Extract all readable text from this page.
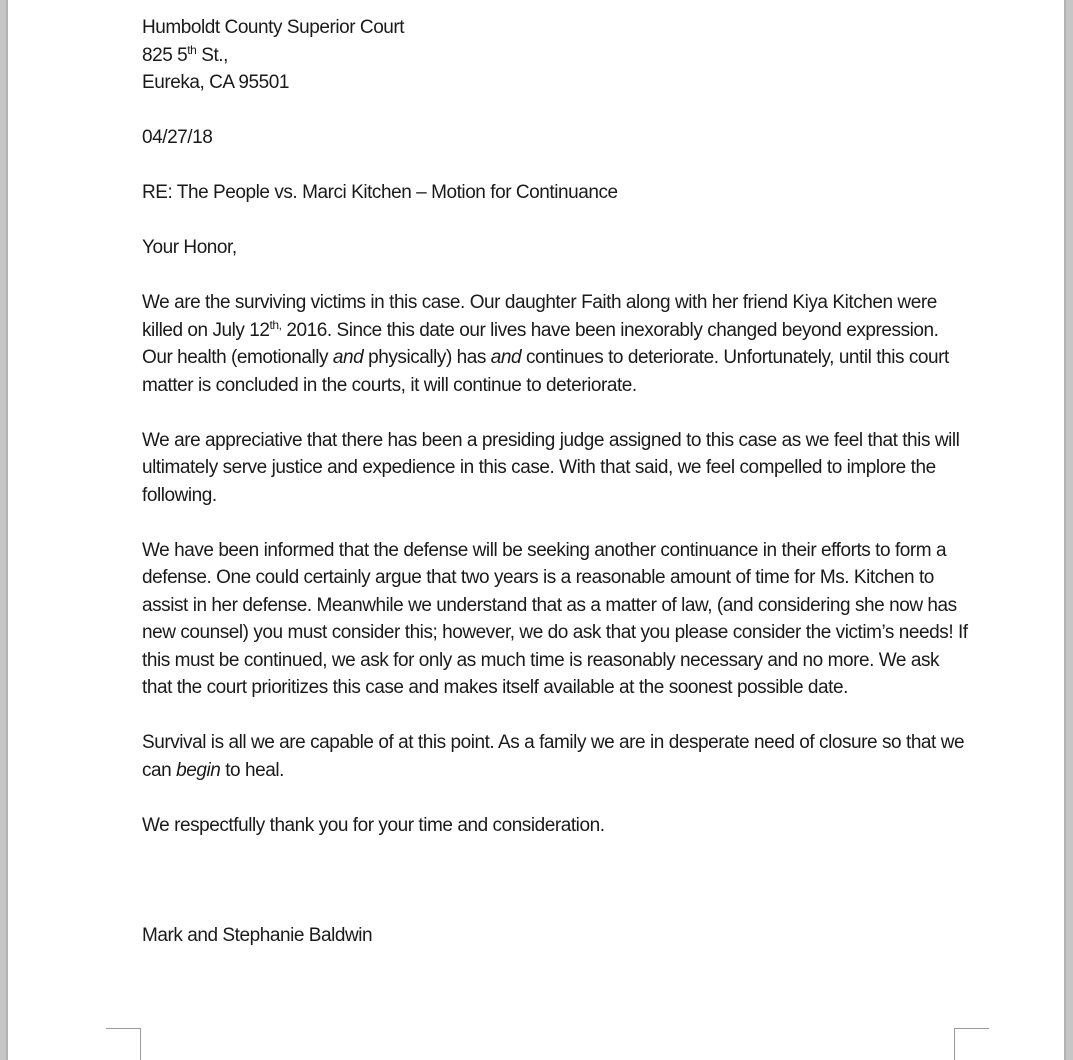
Humboldt County Superior Court
825 5th St.,
Eureka, CA 95501

04/27/18

RE: The People vs. Marci Kitchen – Motion for Continuance

Your Honor,

We are the surviving victims in this case. Our daughter Faith along with her friend Kiya Kitchen were killed on July $12^{th,}$ 2016. Since this date our lives have been inexorably changed beyond expression. Our health (emotionally and physically) has and continues to deteriorate. Unfortunately, until this court matter is concluded in the courts, it will continue to deteriorate.

We are appreciative that there has been a presiding judge assigned to this case as we feel that this will ultimately serve justice and expedience in this case. With that said, we feel compelled to implore the following.

We have been informed that the defense will be seeking another continuance in their efforts to form a defense. One could certainly argue that two years is a reasonable amount of time for Ms. Kitchen to assist in her defense. Meanwhile we understand that as a matter of law, (and considering she now has new counsel) you must consider this; however, we do ask that you please consider the victim’s needs! If this must be continued, we ask for only as much time is reasonably necessary and no more. We ask that the court prioritizes this case and makes itself available at the soonest possible date.

Survival is all we are capable of at this point. As a family we are in desperate need of closure so that we can begin to heal.

We respectfully thank you for your time and consideration.

Mark and Stephanie Baldwin
